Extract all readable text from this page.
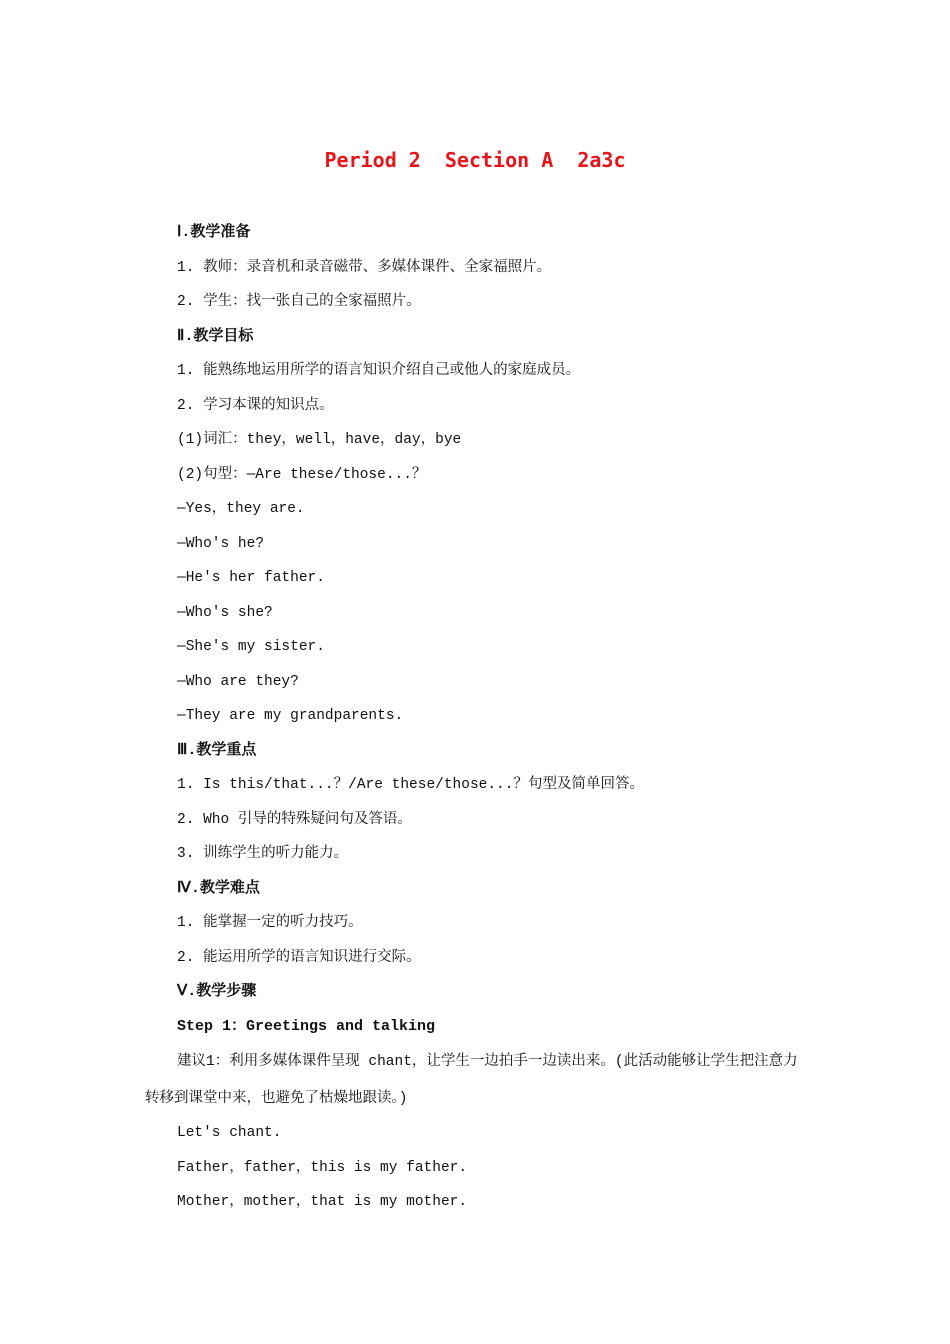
Period 2  Section A  2a3c
Ⅰ.教学准备
1. 教师：录音机和录音磁带、多媒体课件、全家福照片。
2. 学生：找一张自己的全家福照片。
Ⅱ.教学目标
1. 能熟练地运用所学的语言知识介绍自己或他人的家庭成员。
2. 学习本课的知识点。
(1)词汇：they，well，have，day，bye
(2)句型：—Are these/those...？
—Yes，they are.
—Who's he?
—He's her father.
—Who's she?
—She's my sister.
—Who are they?
—They are my grandparents.
Ⅲ.教学重点
1. Is this/that...？/Are these/those...？句型及简单回答。
2. Who 引导的特殊疑问句及答语。
3. 训练学生的听力能力。
Ⅳ.教学难点
1. 能掌握一定的听力技巧。
2. 能运用所学的语言知识进行交际。
Ⅴ.教学步骤
Step 1：Greetings and talking
建议1：利用多媒体课件呈现 chant，让学生一边拍手一边读出来。(此活动能够让学生把注意力转移到课堂中来，也避免了枯燥地跟读。)
Let's chant.
Father，father，this is my father.
Mother，mother，that is my mother.
